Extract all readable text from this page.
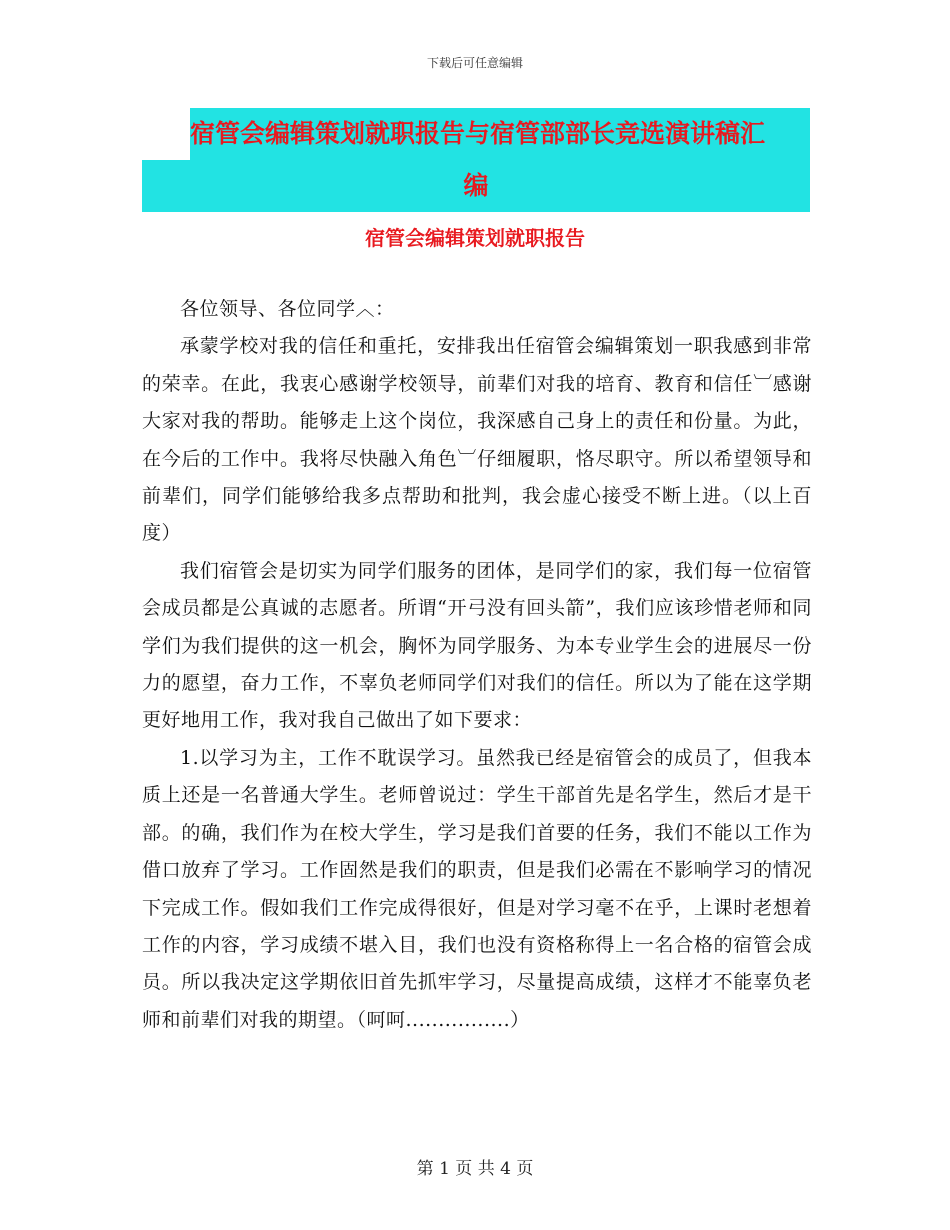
下载后可任意编辑
宿管会编辑策划就职报告与宿管部部长竞选演讲稿汇
编
宿管会编辑策划就职报告

各位领导、各位同学︿：

承蒙学校对我的信任和重托，安排我出任宿管会编辑策划一职我感到非常的荣幸。在此，我衷心感谢学校领导，前辈们对我的培育、教育和信任︺感谢大家对我的帮助。能够走上这个岗位，我深感自己身上的责任和份量。为此，在今后的工作中。我将尽快融入角色︺仔细履职，恪尽职守。所以希望领导和前辈们，同学们能够给我多点帮助和批判，我会虚心接受不断上进。（以上百度）

我们宿管会是切实为同学们服务的团体，是同学们的家，我们每一位宿管会成员都是公真诚的志愿者。所谓“开弓没有回头箭”，我们应该珍惜老师和同学们为我们提供的这一机会，胸怀为同学服务、为本专业学生会的进展尽一份力的愿望，奋力工作，不辜负老师同学们对我们的信任。所以为了能在这学期更好地用工作，我对我自己做出了如下要求：

1.以学习为主，工作不耽误学习。虽然我已经是宿管会的成员了，但我本质上还是一名普通大学生。老师曾说过：学生干部首先是名学生，然后才是干部。的确，我们作为在校大学生，学习是我们首要的任务，我们不能以工作为借口放弃了学习。工作固然是我们的职责，但是我们必需在不影响学习的情况下完成工作。假如我们工作完成得很好，但是对学习毫不在乎，上课时老想着工作的内容，学习成绩不堪入目，我们也没有资格称得上一名合格的宿管会成员。所以我决定这学期依旧首先抓牢学习，尽量提高成绩，这样才不能辜负老师和前辈们对我的期望。（呵呵................）

第 1 页 共 4 页
